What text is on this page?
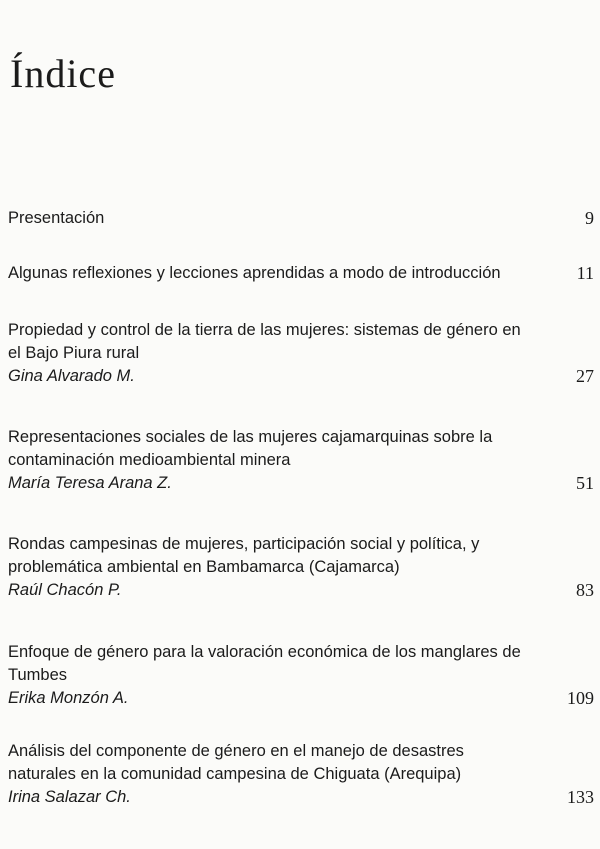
Índice
Presentación	9
Algunas reflexiones y lecciones aprendidas a modo de introducción	11
Propiedad y control de la tierra de las mujeres: sistemas de género en el Bajo Piura rural
Gina Alvarado M.	27
Representaciones sociales de las mujeres cajamarquinas sobre la contaminación medioambiental minera
María Teresa Arana Z.	51
Rondas campesinas de mujeres, participación social y política, y problemática ambiental en Bambamarca (Cajamarca)
Raúl Chacón P.	83
Enfoque de género para la valoración económica de los manglares de Tumbes
Erika Monzón A.	109
Análisis del componente de género en el manejo de desastres naturales en la comunidad campesina de Chiguata (Arequipa)
Irina Salazar Ch.	133
